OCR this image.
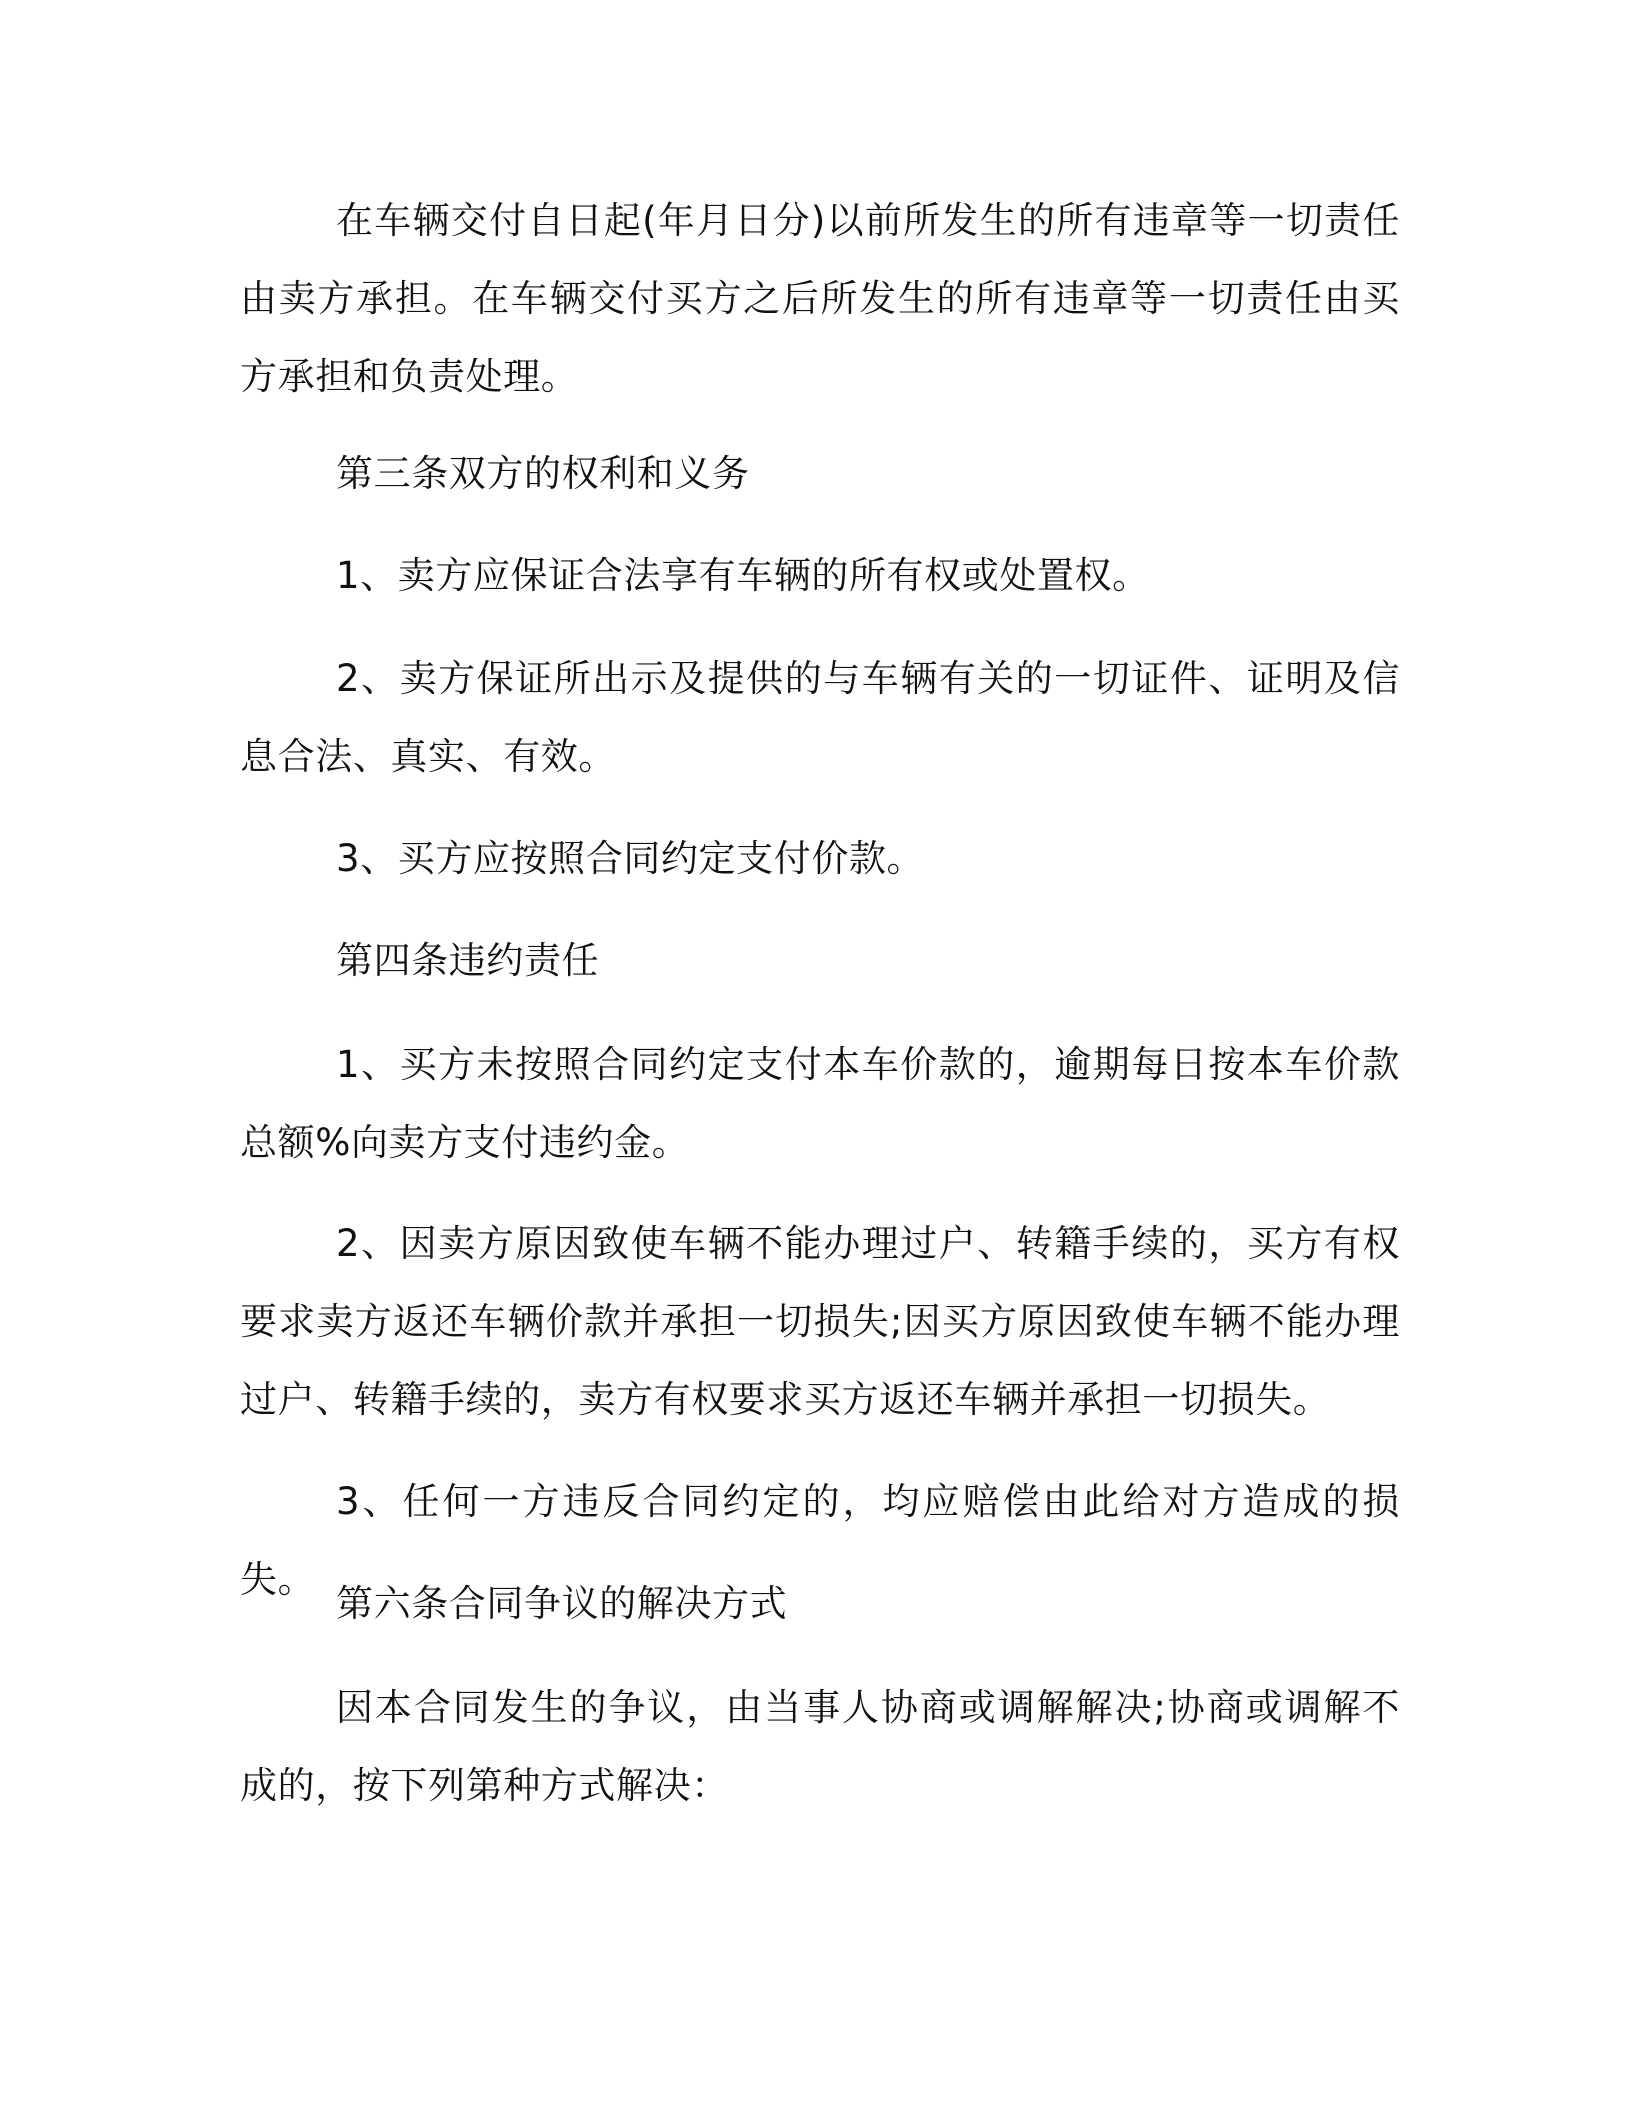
在车辆交付自日起(年月日分)以前所发生的所有违章等一切责任由卖方承担。在车辆交付买方之后所发生的所有违章等一切责任由买方承担和负责处理。

第三条双方的权利和义务

1、卖方应保证合法享有车辆的所有权或处置权。

2、卖方保证所出示及提供的与车辆有关的一切证件、证明及信息合法、真实、有效。

3、买方应按照合同约定支付价款。

第四条违约责任

1、买方未按照合同约定支付本车价款的，逾期每日按本车价款总额%向卖方支付违约金。

2、因卖方原因致使车辆不能办理过户、转籍手续的，买方有权要求卖方返还车辆价款并承担一切损失;因买方原因致使车辆不能办理过户、转籍手续的，卖方有权要求买方返还车辆并承担一切损失。

3、任何一方违反合同约定的，均应赔偿由此给对方造成的损失。

第六条合同争议的解决方式

因本合同发生的争议，由当事人协商或调解解决;协商或调解不成的，按下列第种方式解决：
